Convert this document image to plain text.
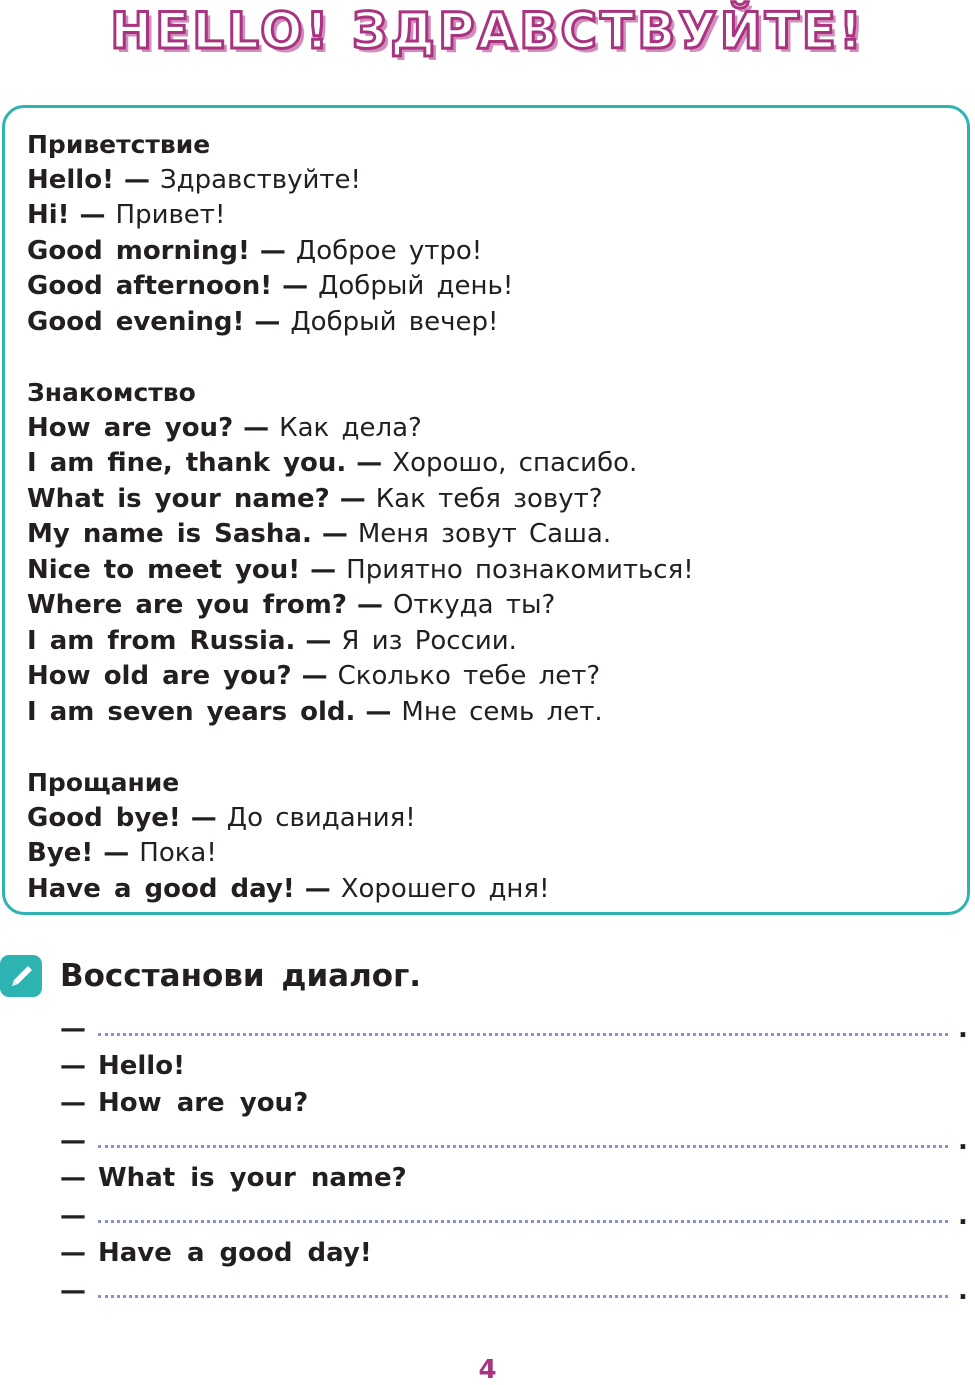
HELLO! ЗДРАВСТВУЙТЕ!
Приветствие
Hello! — Здравствуйте!
Hi! — Привет!
Good morning! — Доброе утро!
Good afternoon! — Добрый день!
Good evening! — Добрый вечер!
Знакомство
How are you? — Как дела?
I am fine, thank you. — Хорошо, спасибо.
What is your name? — Как тебя зовут?
My name is Sasha. — Меня зовут Саша.
Nice to meet you! — Приятно познакомиться!
Where are you from? — Откуда ты?
I am from Russia. — Я из России.
How old are you? — Сколько тебе лет?
I am seven years old. — Мне семь лет.
Прощание
Good bye! — До свидания!
Bye! — Пока!
Have a good day! — Хорошего дня!
Восстанови диалог.
—	.
— Hello!
— How are you?
—	.
— What is your name?
—	.
— Have a good day!
—	.
4
